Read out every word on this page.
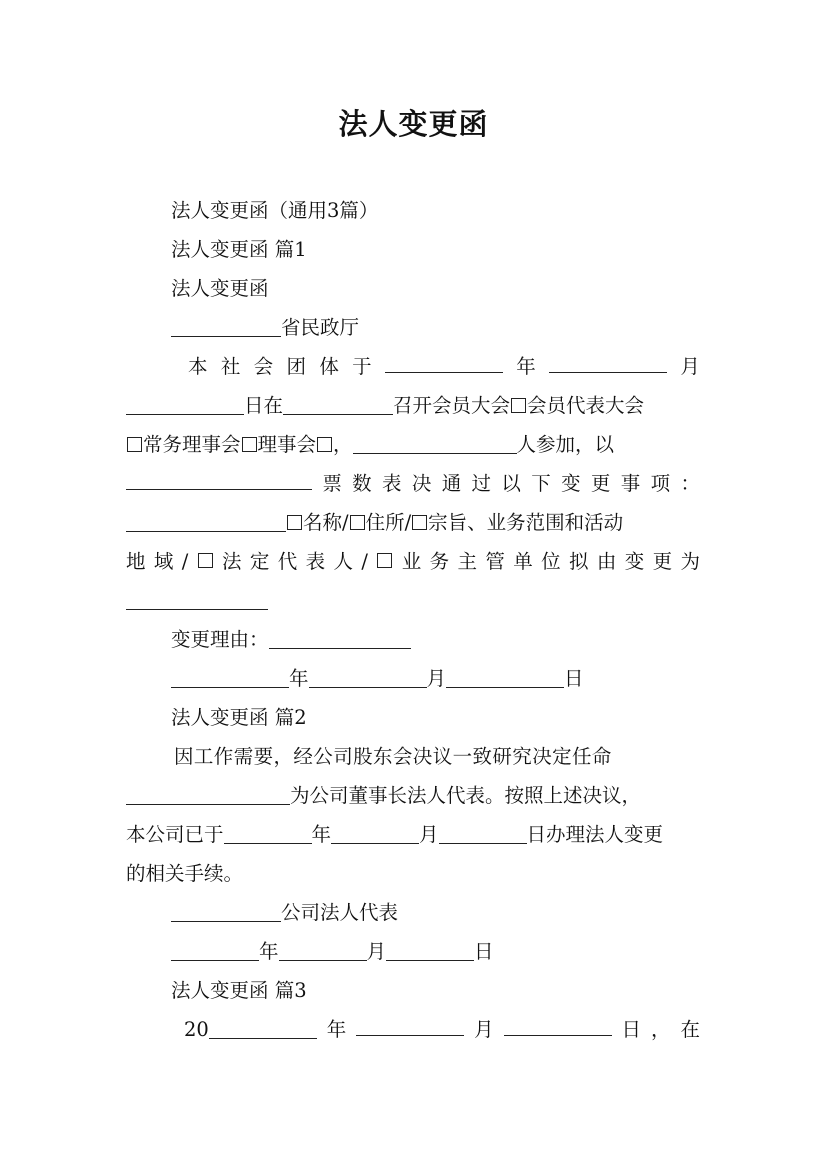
法人变更函

法人变更函（通用3篇）

法人变更函 篇1

法人变更函

省民政厅

本 社 会 团 体 于	年	月
日在	召开会员大会 会员代表大会
常务理事会 理事会 ，	人参加，以
票 数 表 决 通 过 以 下 变 更 事 项 ：
名称/ 住所/ 宗旨、业务范围和活动
地 域 / 法 定 代 表 人 / 业 务 主 管 单 位 拟 由 变 更 为

变更理由：

年	月	日

法人变更函 篇2

因工作需要，经公司股东会决议一致研究决定任命

为公司董事长法人代表。按照上述决议，
本公司已于	年	月	日办理法人变更

的相关手续。

公司法人代表

年	月	日

法人变更函 篇3

20	年	月	日 ， 在
